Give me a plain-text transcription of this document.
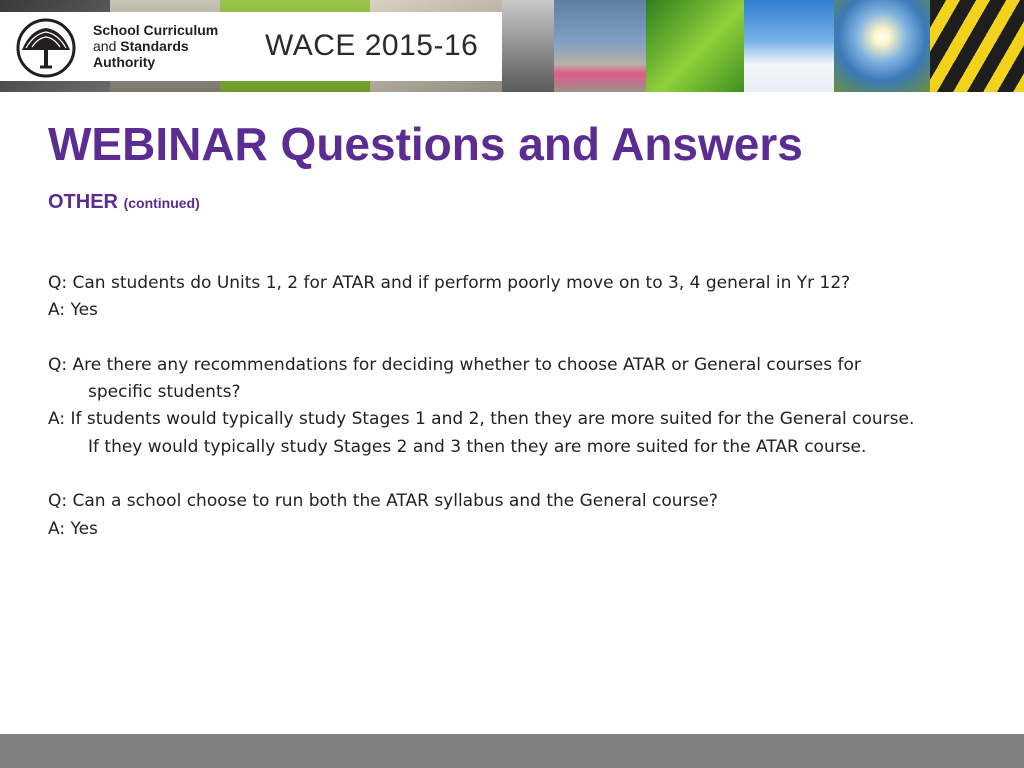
School Curriculum
and Standards
Authority	WACE 2015-16
WEBINAR Questions and Answers
OTHER (continued)
Q: Can students do Units 1, 2 for ATAR and if perform poorly move on to 3, 4 general in Yr 12?
A: Yes
Q: Are there any recommendations for deciding whether to choose ATAR or General courses for
specific students?
A: If students would typically study Stages 1 and 2, then they are more suited for the General course.
If they would typically study Stages 2 and 3 then they are more suited for the ATAR course.
Q: Can a school choose to run both the ATAR syllabus and the General course?
A: Yes
